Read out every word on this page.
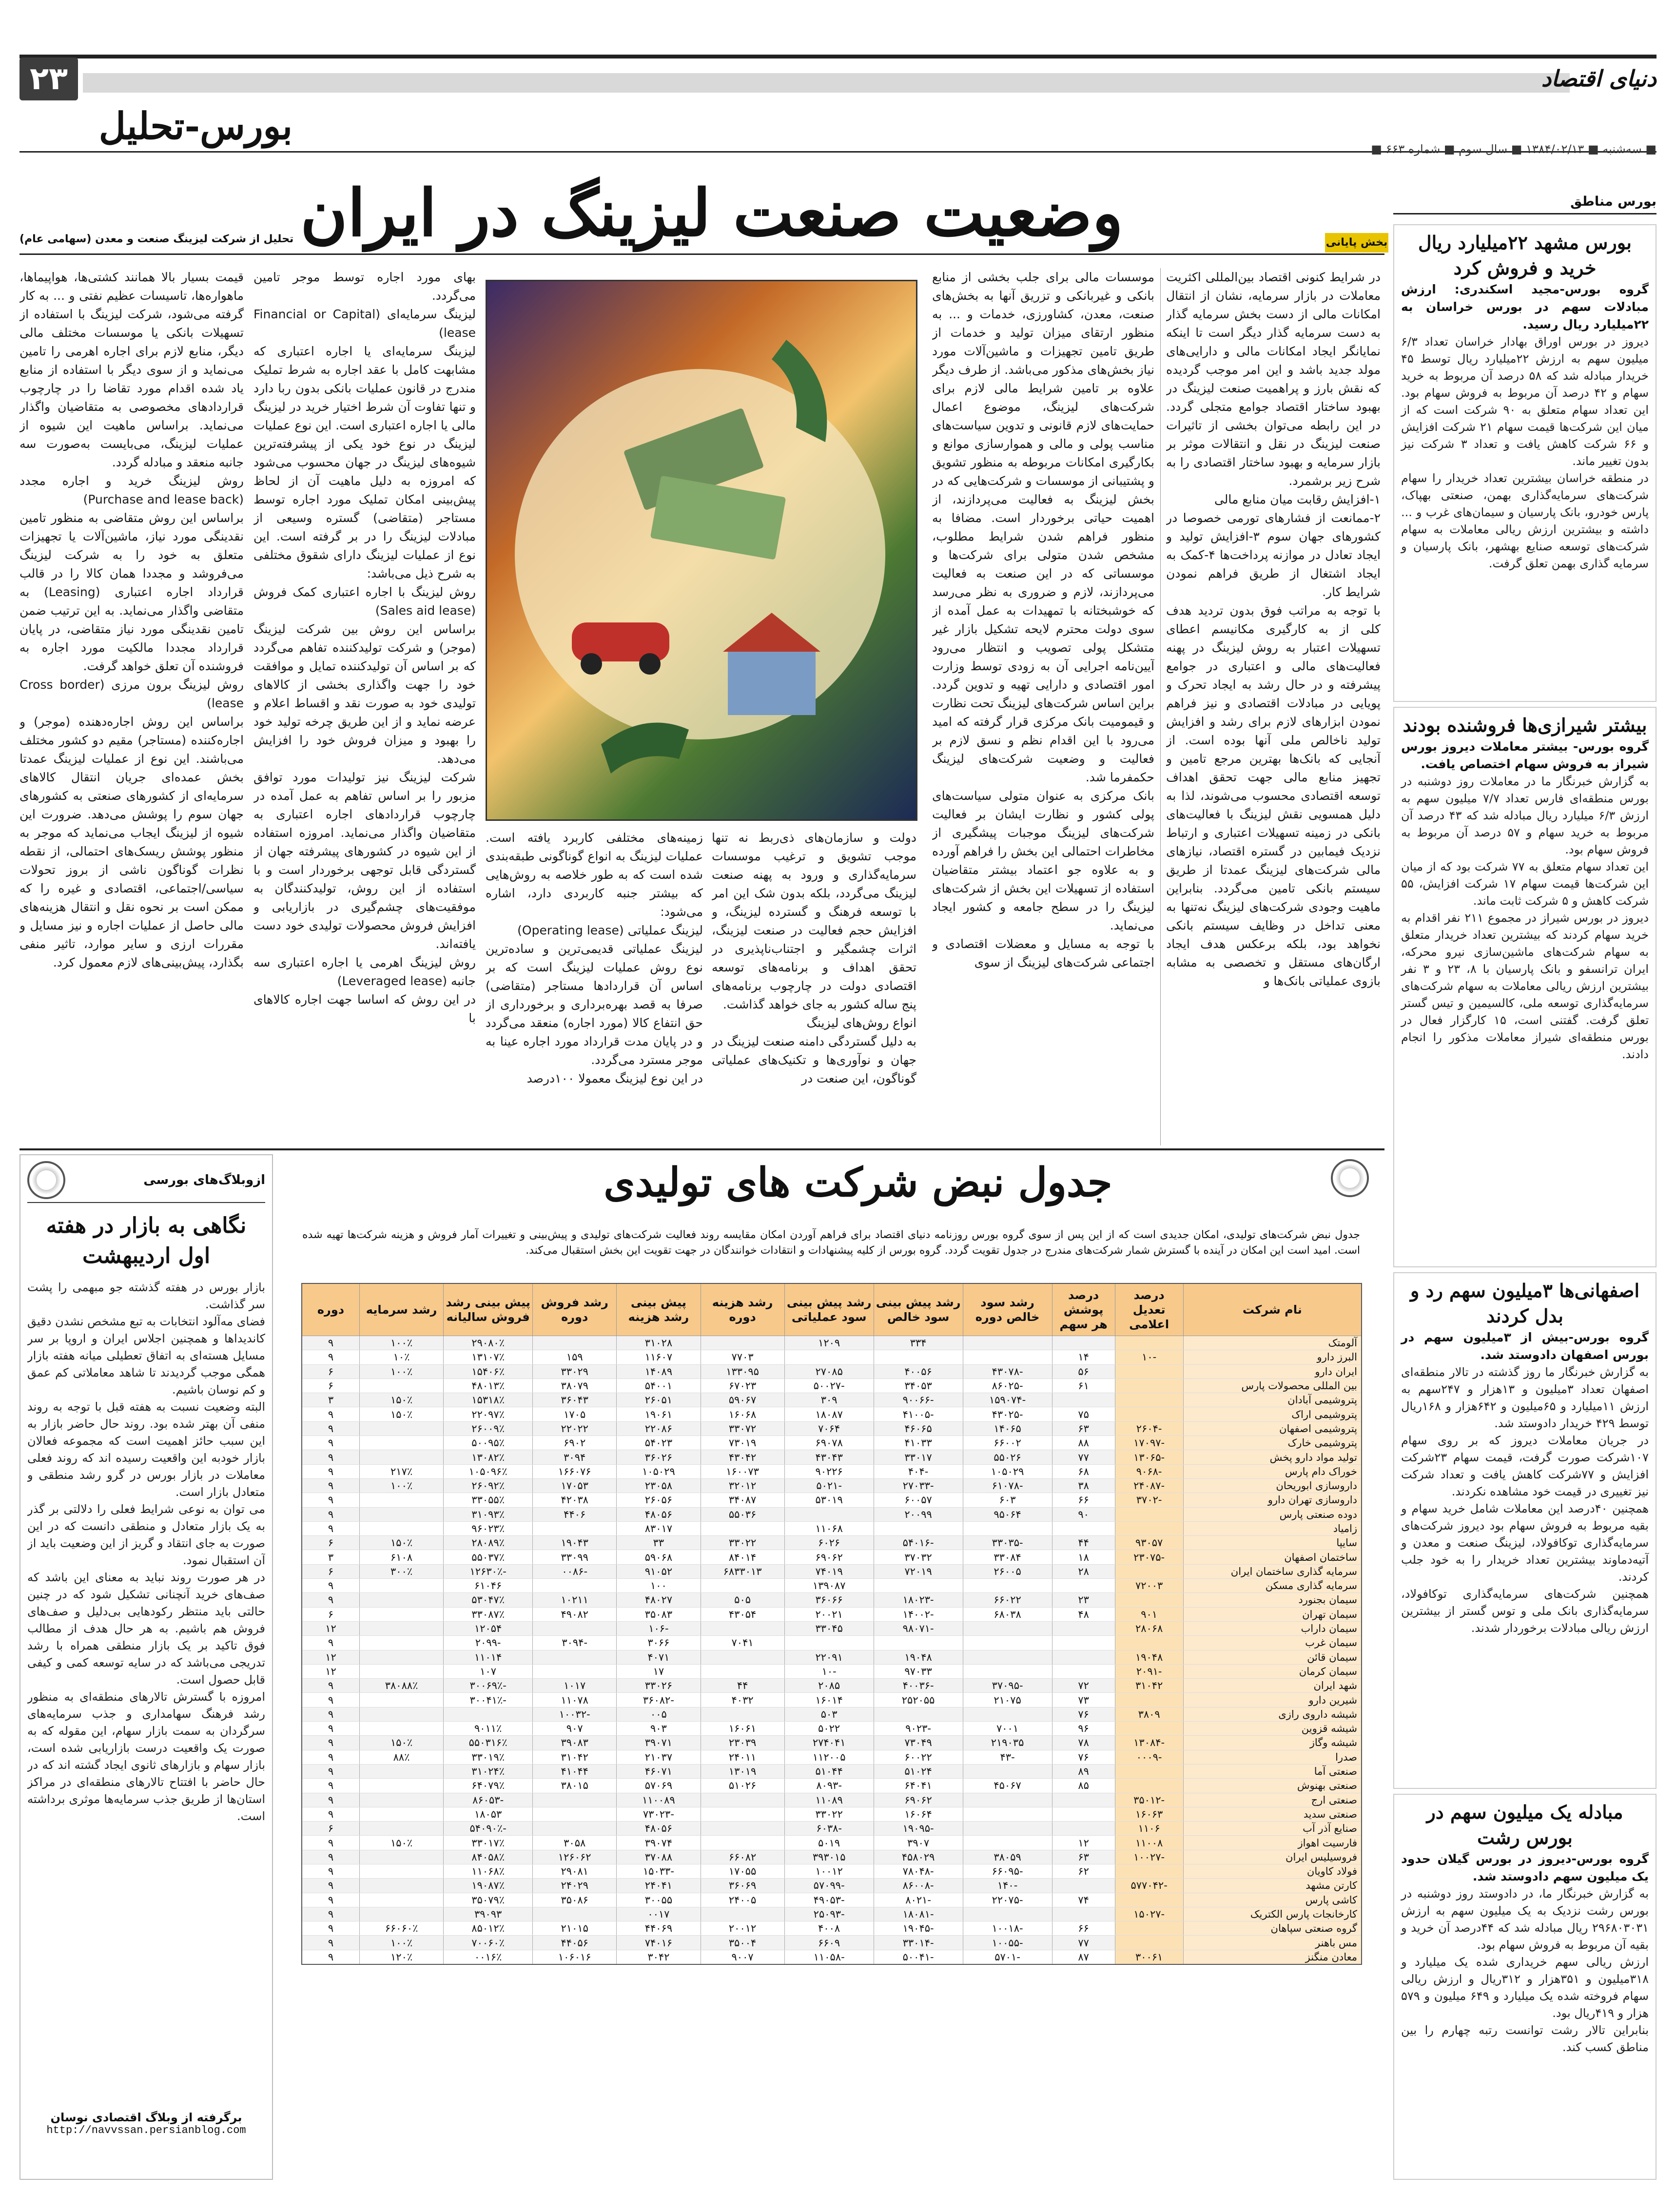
۲۳
بورس-تحلیل
دنیای اقتصاد
■ سه‌شنبه ■ ۱۳۸۴/۰۲/۱۳ ■ سال سوم ■ شماره ۶۶۳ ■
وضعیت صنعت لیزینگ در ایران	بخش پایانی
تحلیل از شرکت لیزینگ صنعت و معدن (سهامی عام)
در شرایط کنونی اقتصاد بین‌المللی اکثریت معاملات در بازار سرمایه، نشان از انتقال امکانات مالی از دست بخش سرمایه گذار به دست سرمایه گذار دیگر است تا اینکه نمایانگر ایجاد امکانات مالی و دارایی‌های مولد جدید باشد و این امر موجب گردیده که نقش بارز و پراهمیت صنعت لیزینگ در بهبود ساختار اقتصاد جوامع متجلی گردد. در این رابطه می‌توان بخشی از تاثیرات صنعت لیزینگ در نقل و انتقالات موثر بر بازار سرمایه و بهبود ساختار اقتصادی را به شرح زیر برشمرد.
۱-افزایش رقابت میان منابع مالی
۲-ممانعت از فشارهای تورمی خصوصا در کشورهای جهان سوم ۳-افزایش تولید و ایجاد تعادل در موازنه پرداخت‌ها ۴-کمک به ایجاد اشتغال از طریق فراهم نمودن شرایط کار.
با توجه به مراتب فوق بدون تردید هدف کلی از به کارگیری مکانیسم اعطای تسهیلات اعتبار به روش لیزینگ در پهنه فعالیت‌های مالی و اعتباری در جوامع پیشرفته و در حال رشد به ایجاد تحرک و پویایی در مبادلات اقتصادی و نیز فراهم نمودن ابزارهای لازم برای رشد و افزایش تولید ناخالص ملی آنها بوده است. از آنجایی که بانک‌ها بهترین مرجع تامین و تجهیز منابع مالی جهت تحقق اهداف توسعه اقتصادی محسوب می‌شوند، لذا به دلیل همسویی نقش لیزینگ با فعالیت‌های بانکی در زمینه تسهیلات اعتباری و ارتباط نزدیک فیمابین در گستره اقتصاد، نیازهای مالی شرکت‌های لیزینگ عمدتا از طریق سیستم بانکی تامین می‌گردد. بنابراین ماهیت وجودی شرکت‌های لیزینگ نه‌تنها به معنی تداخل در وظایف سیستم بانکی نخواهد بود، بلکه برعکس هدف ایجاد ارگان‌های مستقل و تخصصی به مشابه بازوی عملیاتی بانک‌ها و
موسسات مالی برای جلب بخشی از منابع بانکی و غیربانکی و تزریق آنها به بخش‌های صنعت، معدن، کشاورزی، خدمات و ... به منظور ارتقای میزان تولید و خدمات از طریق تامین تجهیزات و ماشین‌آلات مورد نیاز بخش‌های مذکور می‌باشد. از طرف دیگر علاوه بر تامین شرایط مالی لازم برای شرکت‌های لیزینگ، موضوع اعمال حمایت‌های لازم قانونی و تدوین سیاست‌های مناسب پولی و مالی و هموارسازی موانع و بکارگیری امکانات مربوطه به منظور تشویق و پشتیبانی از موسسات و شرکت‌هایی که در بخش لیزینگ به فعالیت می‌پردازند، از اهمیت حیاتی برخوردار است. مضافا به منظور فراهم شدن شرایط مطلوب، مشخص شدن متولی برای شرکت‌ها و موسساتی که در این صنعت به فعالیت می‌پردازند، لازم و ضروری به نظر می‌رسد که خوشبختانه با تمهیدات به عمل آمده از سوی دولت محترم لایحه تشکیل بازار غیر متشکل پولی تصویب و انتظار می‌رود آیین‌نامه اجرایی آن به زودی توسط وزارت امور اقتصادی و دارایی تهیه و تدوین گردد. براین اساس شرکت‌های لیزینگ تحت نظارت و قیمومیت بانک مرکزی قرار گرفته که امید می‌رود با این اقدام نظم و نسق لازم بر فعالیت و وضعیت شرکت‌های لیزینگ حکمفرما شد.
بانک مرکزی به عنوان متولی سیاست‌های پولی کشور و نظارت ایشان بر فعالیت شرکت‌های لیزینگ موجبات پیشگیری از مخاطرات احتمالی این بخش را فراهم آورده و به علاوه جو اعتماد بیشتر متقاضیان استفاده از تسهیلات این بخش از شرکت‌های لیزینگ را در سطح جامعه و کشور ایجاد می‌نماید.
با توجه به مسایل و معضلات اقتصادی و اجتماعی شرکت‌های لیزینگ از سوی
دولت و سازمان‌های ذی‌ربط نه تنها موجب تشویق و ترغیب موسسات سرمایه‌گذاری و ورود به پهنه صنعت لیزینگ می‌گردد، بلکه بدون شک این امر با توسعه فرهنگ و گسترده لیزینگ، و افزایش حجم فعالیت در صنعت لیزینگ، اثرات چشمگیر و اجتناب‌ناپذیری در تحقق اهداف و برنامه‌های توسعه اقتصادی دولت در چارچوب برنامه‌های پنج ساله کشور به جای خواهد گذاشت.
انواع روش‌های لیزینگ
به دلیل گستردگی دامنه صنعت لیزینگ در جهان و نوآوری‌ها و تکنیک‌های عملیاتی گوناگون، این صنعت در
زمینه‌های مختلفی کاربرد یافته است. عملیات لیزینگ به انواع گوناگونی طبقه‌بندی شده است که به طور خلاصه به روش‌هایی که بیشتر جنبه کاربردی دارد، اشاره می‌شود:
لیزینگ عملیاتی (Operating lease)
لیزینگ عملیاتی قدیمی‌ترین و ساده‌ترین نوع روش عملیات لیزینگ است که بر اساس آن قراردادها مستاجر (متقاضی) صرفا به قصد بهره‌برداری و برخورداری از حق انتفاع کالا (مورد اجاره) منعقد می‌گردد و در پایان مدت قرارداد مورد اجاره عینا به موجر مسترد می‌گردد.
در این نوع لیزینگ معمولا ۱۰۰درصد
بهای مورد اجاره توسط موجر تامین می‌گردد.
لیزینگ سرمایه‌ای (Financial or Capital lease)
لیزینگ سرمایه‌ای یا اجاره اعتباری که مشابهت کامل با عقد اجاره به شرط تملیک مندرج در قانون عملیات بانکی بدون ربا دارد و تنها تفاوت آن شرط اختیار خرید در لیزینگ مالی یا اجاره اعتباری است. این نوع عملیات لیزینگ در نوع خود یکی از پیشرفته‌ترین شیوه‌های لیزینگ در جهان محسوب می‌شود که امروزه به دلیل ماهیت آن از لحاظ پیش‌بینی امکان تملیک مورد اجاره توسط مستاجر (متقاضی) گستره وسیعی از مبادلات لیزینگ را در بر گرفته است. این نوع از عملیات لیزینگ دارای شقوق مختلفی به شرح ذیل می‌باشد:
روش لیزینگ با اجاره اعتباری کمک فروش (Sales aid lease)
براساس این روش بین شرکت لیزینگ (موجر) و شرکت تولیدکننده تفاهم می‌گردد که بر اساس آن تولیدکننده تمایل و موافقت خود را جهت واگذاری بخشی از کالاهای تولیدی خود به صورت نقد و اقساط اعلام و عرضه نماید و از این طریق چرخه تولید خود را بهبود و میزان فروش خود را افزایش می‌دهد.
شرکت لیزینگ نیز تولیدات مورد توافق مزبور را بر اساس تفاهم به عمل آمده در چارچوب قراردادهای اجاره اعتباری به متقاضیان واگذار می‌نماید. امروزه استفاده از این شیوه در کشورهای پیشرفته جهان از گستردگی قابل توجهی برخوردار است و با استفاده از این روش، تولیدکنندگان به موفقیت‌های چشم‌گیری در بازاریابی و افزایش فروش محصولات تولیدی خود دست یافته‌اند.
روش لیزینگ اهرمی یا اجاره اعتباری سه جانبه (Leveraged lease)
در این روش که اساسا جهت اجاره کالاهای با
قیمت بسیار بالا همانند کشتی‌ها، هواپیماها، ماهواره‌ها، تاسیسات عظیم نفتی و ... به کار گرفته می‌شود، شرکت لیزینگ با استفاده از تسهیلات بانکی یا موسسات مختلف مالی دیگر، منابع لازم برای اجاره اهرمی را تامین می‌نماید و از سوی دیگر با استفاده از منابع یاد شده اقدام مورد تقاضا را در چارچوب قراردادهای مخصوصی به متقاضیان واگذار می‌نماید. براساس ماهیت این شیوه از عملیات لیزینگ، می‌بایست به‌صورت سه جانبه منعقد و مبادله گردد.
روش لیزینگ خرید و اجاره مجدد (Purchase and lease back)
براساس این روش متقاضی به منظور تامین نقدینگی مورد نیاز، ماشین‌آلات یا تجهیزات متعلق به خود را به شرکت لیزینگ می‌فروشد و مجددا همان کالا را در قالب قرارداد اجاره اعتباری (Leasing) به متقاضی واگذار می‌نماید. به این ترتیب ضمن تامین نقدینگی مورد نیاز متقاضی، در پایان قرارداد مجددا مالکیت مورد اجاره به فروشنده آن تعلق خواهد گرفت.
روش لیزینگ برون مرزی (Cross border lease)
براساس این روش اجاره‌دهنده (موجر) و اجاره‌کننده (مستاجر) مقیم دو کشور مختلف می‌باشند. این نوع از عملیات لیزینگ عمدتا بخش عمده‌ای جریان انتقال کالاهای سرمایه‌ای از کشورهای صنعتی به کشورهای جهان سوم را پوشش می‌دهد. ضرورت این شیوه از لیزینگ ایجاب می‌نماید که موجر به منظور پوشش ریسک‌های احتمالی، از نقطه نظرات گوناگون ناشی از بروز تحولات سیاسی/اجتماعی، اقتصادی و غیره را که ممکن است بر نحوه نقل و انتقال هزینه‌های مالی حاصل از عملیات اجاره و نیز مسایل و مقررات ارزی و سایر موارد، تاثیر منفی بگذارد، پیش‌بینی‌های لازم معمول کرد.
بورس مناطق
بورس مشهد ۲۲میلیارد ریال خرید و فروش کرد
گروه بورس-مجید اسکندری: ارزش مبادلات سهم در بورس خراسان به ۲۲میلیارد ریال رسید.
دیروز در بورس اوراق بهادار خراسان تعداد ۶/۳ میلیون سهم به ارزش ۲۲میلیارد ریال توسط ۴۵ خریدار مبادله شد که ۵۸ درصد آن مربوط به خرید سهام و ۴۲ درصد آن مربوط به فروش سهام بود. این تعداد سهام متعلق به ۹۰ شرکت است که از میان این شرکت‌ها قیمت سهام ۲۱ شرکت افزایش و ۶۶ شرکت کاهش یافت و تعداد ۳ شرکت نیز بدون تغییر ماند.
در منطقه خراسان بیشترین تعداد خریدار را سهام شرکت‌های سرمایه‌گذاری بهمن، صنعتی بهپاک، پارس خودرو، بانک پارسیان و سیمان‌های غرب و ... داشته و بیشترین ارزش ریالی معاملات به سهام شرکت‌های توسعه صنایع بهشهر، بانک پارسیان و سرمایه گذاری بهمن تعلق گرفت.
بیشتر شیرازی‌ها فروشنده بودند
گروه بورس- بیشتر معاملات دیروز بورس شیراز به فروش سهام اختصاص یافت.
به گزارش خبرنگار ما در معاملات روز دوشنبه در بورس منطقه‌ای فارس تعداد ۷/۷ میلیون سهم به ارزش ۶/۳ میلیارد ریال مبادله شد که ۴۳ درصد آن مربوط به خرید سهام و ۵۷ درصد آن مربوط به فروش سهام بود.
این تعداد سهام متعلق به ۷۷ شرکت بود که از میان این شرکت‌ها قیمت سهام ۱۷ شرکت افزایش، ۵۵ شرکت کاهش و ۵ شرکت ثابت ماند.
دیروز در بورس شیراز در مجموع ۲۱۱ نفر اقدام به خرید سهام کردند که بیشترین تعداد خریدار متعلق به سهام شرکت‌های ماشین‌سازی نیرو محرکه، ایران ترانسفو و بانک پارسیان با ۸، ۲۳ و ۳ نفر بیشترین ارزش ریالی معاملات به سهام شرکت‌های سرمایه‌گذاری توسعه ملی، کالسیمین و تیس گستر تعلق گرفت. گفتنی است، ۱۵ کارگزار فعال در بورس منطقه‌ای شیراز معاملات مذکور را انجام دادند.
اصفهانی‌ها ۳میلیون سهم رد و بدل کردند
گروه بورس-بیش از ۳میلیون سهم در بورس اصفهان دادوستد شد.
به گزارش خبرنگار ما روز گذشته در تالار منطقه‌ای اصفهان تعداد ۳میلیون و ۱۳هزار و ۲۴۷سهم به ارزش ۱۱میلیارد و ۶۵میلیون و ۶۴۲هزار و ۱۶۸ریال توسط ۴۲۹ خریدار دادوستد شد.
در جریان معاملات دیروز که بر روی سهام ۱۰۷شرکت صورت گرفت، قیمت سهام ۲۳شرکت افزایش و ۷۷شرکت کاهش یافت و تعداد شرکت نیز تغییری در قیمت خود مشاهده نکردند.
همچنین ۴۰درصد این معاملات شامل خرید سهام و بقیه مربوط به فروش سهام بود دیروز شرکت‌های سرمایه‌گذاری توکافولاد، لیزینگ صنعت و معدن و آتیه‌دماوند بیشترین تعداد خریدار را به خود جلب کردند.
همچنین شرکت‌های سرمایه‌گذاری توکافولاد، سرمایه‌گذاری بانک ملی و توس گستر از بیشترین ارزش ریالی مبادلات برخوردار شدند.
مبادله یک میلیون سهم در بورس رشت
گروه بورس-دیروز در بورس گیلان حدود یک میلیون سهم دادوستد شد.
به گزارش خبرنگار ما، در دادوستد روز دوشنبه در بورس رشت نزدیک به یک میلیون سهم به ارزش ۲۹۶۸۰۳۰۳۱ ریال مبادله شد که ۴۴درصد آن خرید و بقیه آن مربوط به فروش سهام بود.
ارزش ریالی سهم خریداری شده یک میلیارد و ۳۱۸میلیون و ۳۵۱هزار و ۳۱۲ریال و ارزش ریالی سهام فروخته شده یک میلیارد و ۶۴۹ میلیون و ۵۷۹ هزار و ۴۱۹ریال بود.
بنابراین تالار رشت توانست رتبه چهارم را بین مناطق کسب کند.
ازوبلاگ‌های بورسی
نگاهی به بازار در هفته اول اردیبهشت
بازار بورس در هفته گذشته جو مبهمی را پشت سر گذاشت.
فضای مه‌آلود انتخابات به تبع مشخص نشدن دقیق کاندیداها و همچنین اجلاس ایران و اروپا بر سر مسایل هسته‌ای به اتفاق تعطیلی میانه هفته بازار همگی موجب گردیدند تا شاهد معاملاتی کم عمق و کم نوسان باشیم.
البته وضعیت نسبت به هفته قبل با توجه به روند منفی آن بهتر شده بود. روند حال حاضر بازار به این سبب حائز اهمیت است که مجموعه فعالان بازار خودبه این واقعیت رسیده اند که روند فعلی معاملات در بازار بورس در گرو رشد منطقی و متعادل بازار است.
می توان به نوعی شرایط فعلی را دلالتی بر گذر به یک بازار متعادل و منطقی دانست که در این صورت به جای انتقاد و گریز از این وضعیت باید از آن استقبال نمود.
در هر صورت روند نباید به معنای این باشد که صف‌های خرید آنچنانی تشکیل شود که در چنین حالتی باید منتظر رکودهایی بی‌دلیل و صف‌های فروش هم باشیم. به هر حال هدف از مطالب فوق تاکید بر یک بازار منطقی همراه با رشد تدریجی می‌باشد که در سایه توسعه کمی و کیفی قابل حصول است.
امروزه با گسترش تالارهای منطقه‌ای به منظور رشد فرهنگ سهامداری و جذب سرمایه‌های سرگردان به سمت بازار سهام، این مقوله که به صورت یک واقعیت درست بازاریابی شده است، بازار سهام و بازارهای ثانوی ایجاد گشته اند که در حال حاضر با افتتاح تالارهای منطقه‌ای در مراکز استان‌ها از طریق جذب سرمایه‌ها موثری برداشته است.
برگرفته از وبلاگ اقتصادی نوسان
http://navvssan.persianblog.com
جدول نبض شرکت های تولیدی
جدول نبض شرکت‌های تولیدی، امکان جدیدی است که از این پس از سوی گروه بورس روزنامه دنیای اقتصاد برای فراهم آوردن امکان مقایسه روند فعالیت شرکت‌های تولیدی و پیش‌بینی و تغییرات آمار فروش و هزینه شرکت‌ها تهیه شده است. امید است این امکان در آینده با گسترش شمار شرکت‌های مندرج در جدول تقویت گردد. گروه بورس از کلیه پیشنهادات و انتقادات خوانندگان در جهت تقویت این بخش استقبال می‌کند.
نام شرکت	درصد تعدیل اعلامی	درصد پوشش هر سهم	رشد سود خالص دوره	رشد پیش بینی سود خالص	رشد پیش بینی سود عملیاتی	رشد هزینه دوره	پیش بینی رشد هزینه	رشد فروش دوره	پیش بینی رشد فروش سالیانه	رشد سرمایه	دوره
آلومتک				۳۳۴	۱۲۰۹		۳۱۰۲۸		۲۹۰۸۰٪	۱۰۰٪	۹
البرز دارو	-۱۰	۱۴				۷۷۰۳	۱۱۶۰۷	۱۵۹	۱۳۱۰۷٪	۱۰٪	۹
ایران دارو		۵۶	-۴۳۰۷۸	۴۰۰۵۶	۲۷۰۸۵	۱۳۳۰۹۵	۱۴۰۸۹	۳۳۰۲۹	۱۵۴۰۶٪	۱۰۰٪	۶
بین المللی محصولات پارس		۶۱	-۸۶۰۲۵	۳۴۰۵۳	-۵۰۰۲۷	۶۷۰۲۳	۵۴۰۰۱	۳۸۰۷۹	۴۸۰۱۳٪		۶
پتروشیمی آبادان			-۱۵۹۰۷۴	-۹۰۰۶۶	۳۰۹	۵۹۰۶۷	۲۶۰۵۱	۳۶۰۴۳	۱۵۳۱۸٪	۱۵۰٪	۳
پتروشیمی اراک		۷۵	-۴۳۰۲۵	-۴۱۰۰۵	۱۸۰۸۷	۱۶۰۶۸	۱۹۰۶۱	۱۷۰۵	۲۲۰۹۷٪	۱۵۰٪	۹
پتروشیمی اصفهان	-۲۶۰۴	۶۳	۱۴۰۶۵	۴۶۰۶۵	۷۰۶۴	۳۳۰۷۲	۲۲۰۸۶	۲۲۰۲۲	۲۶۰۰۹٪		۹
پتروشیمی خارک	-۱۷۰۹۷	۸۸	۶۶۰۰۲	۴۱۰۳۳	۶۹۰۷۸	۷۳۰۱۹	۵۴۰۲۳	۶۹۰۲	۵۰۰۹۵٪		۹
تولید مواد دارو پخش	-۱۳۰۶۵	۷۷	۵۵۰۲۶	۳۳۰۱۷	۴۳۰۴۳	۴۳۰۴۲	۳۶۰۲۶	۳۰۹۴	۱۳۰۸۲٪		۹
خوراک دام پارس	-۹۰۶۸	۶۸	۱۰۵۰۲۹	-۴۰۴	۹۰۲۲۶	۱۶۰۰۷۳	۱۰۵۰۲۹	۱۶۶۰۷۶	۱۰۵۰۹۶٪	۲۱۷٪	۹
داروسازی ابوریحان	-۲۴۰۸۷	۳۸	-۶۱۰۷۸	-۲۷۰۳۳	-۵۰۲۱	۳۲۰۱۲	۲۳۰۵۸	۱۷۰۵۳	۲۶۰۹۲٪	۱۰۰٪	۹
داروسازی تهران دارو	-۳۷۰۲	۶۶	۶۰۳	۶۰۰۵۷	۵۳۰۱۹	۳۴۰۸۷	۲۶۰۵۶	۴۲۰۳۸	۳۳۰۵۵٪		۹
دوده صنعتی پارس		۹۰	۹۵۰۶۴	۲۰۰۹۹		۵۵۰۳۶	۴۸۰۵۶	۴۴۰۶	۳۱۰۹۳٪		۹
زامیاد					۱۱۰۶۸		۸۳۰۱۷		۹۶۰۲۳٪		۹
سایپا	۹۳۰۵۷	۴۴	-۳۳۰۳۵	-۵۴۰۱۶	۶۰۲۶	۳۳۰۲۲	۳۳	۱۹۰۴۳	۲۸۰۸۹٪	۱۵۰٪	۶
ساختمان اصفهان	-۲۳۰۷۵	۱۸	۳۳۰۸۴	۳۷۰۳۲	۶۹۰۶۲	۸۴۰۱۴	۵۹۰۶۸	۳۳۰۹۹	۵۵۰۳۷٪	۶۱۰۸	۳
سرمایه گذاری ساختمان ایران		۲۸	۲۶۰۰۵	۷۲۰۱۹	۷۴۰۱۹	۶۸۳۳۰۱۳	۹۱۰۵۲	-۰۰۸۶	-۱۲۶۳۰٪	۳۰۰٪	۶
سرمایه گذاری مسکن	۷۲۰۰۳				۱۳۹۰۸۷		۱۰۰		۶۱۰۴۶		۹
سیمان بجنورد		۲۳	۶۶۰۲۲	-۱۸۰۲۳	۳۶۰۶۶	۵۰۵	۴۸۰۲۷	۱۰۲۱۱	۵۳۰۴۷٪		۹
سیمان تهران	۹۰۱	۴۸	۶۸۰۳۸	-۱۴۰۰۲	۲۰۰۲۱	۴۳۰۵۴	۳۵۰۸۳	۴۹۰۸۲	۳۳۰۸۷٪		۶
سیمان داراب	۲۸۰۶۸			-۹۸۰۷۱	۳۳۰۴۵		-۱۰۶		۱۲۰۵۴		۱۲
سیمان غرب						۷۰۴۱	۳۰۶۶	-۳۰۹۴	-۲۰۹۹		۹
سیمان قائن	۱۹۰۴۸			۱۹۰۴۸	۲۲۰۹۱		۴۰۷۱		۱۱۰۱۴		۱۲
سیمان کرمان	-۲۰۹۱			۹۷۰۳۳	-۱۰		۱۷		۱۰۷		۱۲
شهد ایران	۳۱۰۴۲	۷۲	-۳۷۰۹۵	-۴۰۰۳۶	۲۰۸۵	۴۴	۳۳۰۲۶	۱۰۱۷	-۳۰۰۶۹٪	۳۸۰۸۸٪	۹
شیرین دارو		۷۳	۲۱۰۷۵	۲۵۲۰۵۵	۱۶۰۱۴	۴۰۳۲	-۳۶۰۸۲	۱۱۰۷۸	-۳۰۰۴۱٪		۹
شیشه داروی رازی	۳۸۰۹	۷۶			۵۰۳		۰۰۵	-۱۰۰۳۲			۹
شیشه قزوین		۹۶	۷۰۰۱	-۹۰۲۳	۵۰۲۲	۱۶۰۶۱	۹۰۳	۹۰۷	۹۰۱۱٪		۹
شیشه وگاز	-۱۳۰۸۴	۷۸	۲۱۹۰۳۵	۷۳۰۴۹	۲۷۴۰۴۱	۲۳۰۳۹	۳۹۰۷۱	۳۹۰۸۳	۵۵۰۳۱۶٪	۱۵۰٪	۹
صدرا	-۰۰۰۹	۷۶	-۴۳	۶۰۰۲۲	۱۱۲۰۰۵	۲۴۰۱۱	۲۱۰۳۷	۳۱۰۴۲	۳۳۰۱۹٪	۸۸٪	۹
صنعتی آما		۸۹		۵۱۰۲۴	۵۱۰۴۴	۱۳۰۱۹	۴۶۰۷۱	۴۱۰۴۴	۳۱۰۲۴٪		۹
صنعتی بهنوش		۸۵	۴۵۰۶۷	۶۴۰۴۱	-۸۰۹۳	۵۱۰۲۶	۵۷۰۶۹	۳۸۰۱۵	۶۴۰۷۹٪		۹
صنعتی ارج	-۳۵۰۱۲			۶۹۰۶۲	۱۱۰۸۹		۱۱۰۰۸۹		-۸۶۰۵۳		۹
صنعتی سدید	۱۶۰۶۳			۱۶۰۶۴	۳۳۰۲۲		-۷۳۰۲۳		۱۸۰۵۳		۹
صنایع آذر آب	۱۱۰۶			-۱۹۰۹۵	-۶۰۳۸		۴۸۰۵۶		-۵۴۰۹۰٪		۶
فارسیت اهواز	۱۱۰۰۸	۱۲		۳۹۰۷	۵۰۱۹		۳۹۰۷۴	۳۰۵۸	۳۳۰۱۷٪	۱۵۰٪	۹
فروسیلیس ایران	-۱۰۰۲۷	۶۳	۳۸۰۵۹	۴۵۸۰۲۹	۳۹۳۰۱۵	۶۶۰۸۲	۳۷۰۸۸	۱۲۶۰۶۲	۸۴۰۵۸٪		۹
فولاد کاویان		۶۲	-۶۶۰۹۵	-۷۸۰۴۸	۱۰۰۱۲	۱۷۰۵۵	-۱۵۰۳۳	۲۹۰۸۱	۱۱۰۶۸٪		۹
کارتن مشهد	-۵۷۷۰۴۲		-۱۴۰	-۸۶۰۰۸	-۵۷۰۹۹	۳۶۰۶۹	۲۴۰۴۱	۲۴۰۲۹	۱۹۰۸۷٪		۹
کاشی پارس		۷۴	-۲۲۰۷۵	-۸۰۲۱	-۴۹۰۵۳	۲۴۰۰۵	۳۰۰۵۵	۳۵۰۸۶	۳۵۰۷۹٪		۹
کارخانجات پارس الکتریک	-۱۵۰۲۷			-۱۸۰۸۱	-۲۵۰۹۳		۰۰۱۷		۳۹۰۹۳		۹
گروه صنعتی سپاهان		۶۶	-۱۰۰۱۸	-۱۹۰۴۵	۴۰۰۸	۲۰۰۱۲	۴۴۰۶۹	۲۱۰۱۵	۸۵۰۱۲٪	۶۶۰۶۰٪	۹
مس باهنر		۷۷	-۱۰۰۵۵	-۳۳۰۱۴	۶۶۰۹	۳۵۰۰۴	۷۴۰۱۶	۴۴۰۵۶	۷۰۰۶۰٪	۱۰۰٪	۹
معادن منگنز	۳۰۰۶۱	۸۷	-۵۷۰۱	-۵۰۰۴۱	-۱۱۰۵۸	۹۰۰۷	۳۰۴۲	۱۰۶۰۱۶	۰۰۱۶٪	۱۲۰٪	۹
